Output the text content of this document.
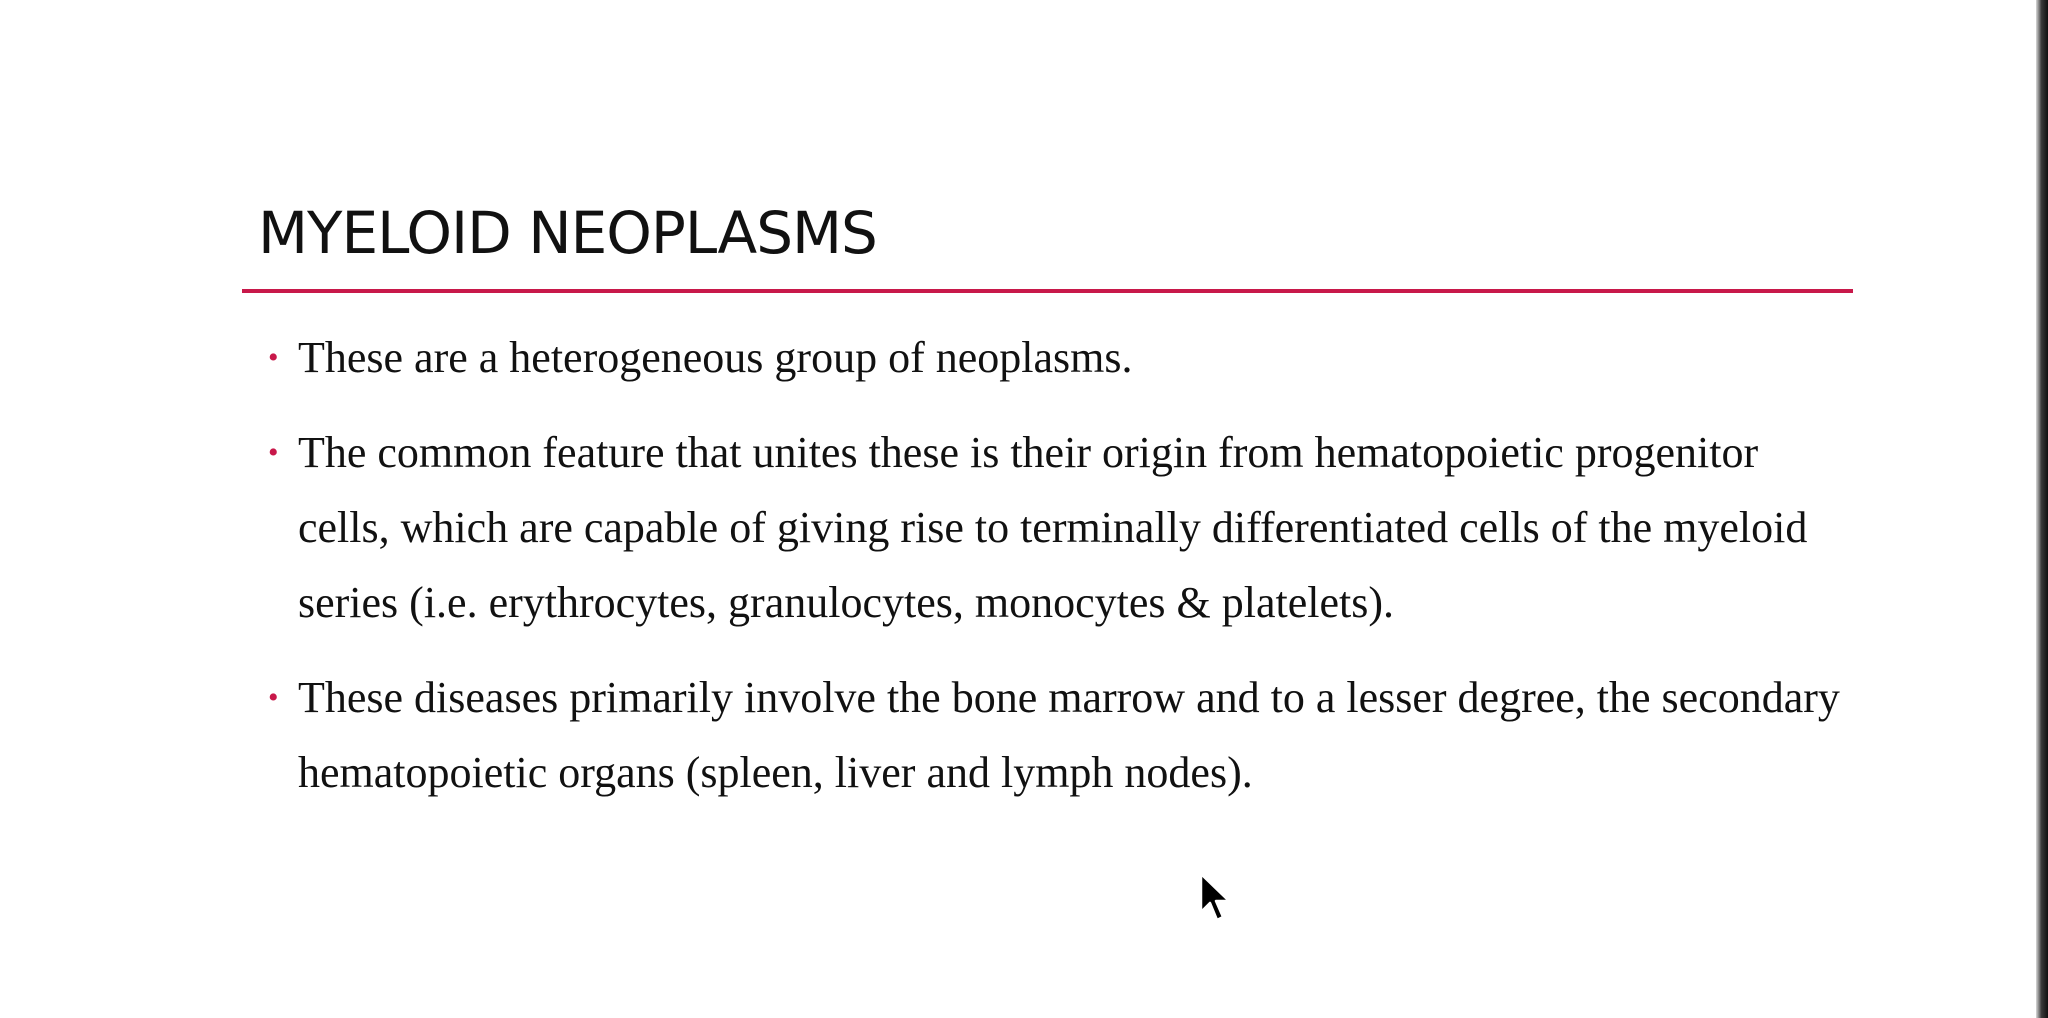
MYELOID NEOPLASMS
• These are a heterogeneous group of neoplasms.
• The common feature that unites these is their origin from hematopoietic progenitor cells, which are capable of giving rise to terminally differentiated cells of the myeloid series (i.e. erythrocytes, granulocytes, monocytes & platelets).
• These diseases primarily involve the bone marrow and to a lesser degree, the secondary hematopoietic organs (spleen, liver and lymph nodes).
